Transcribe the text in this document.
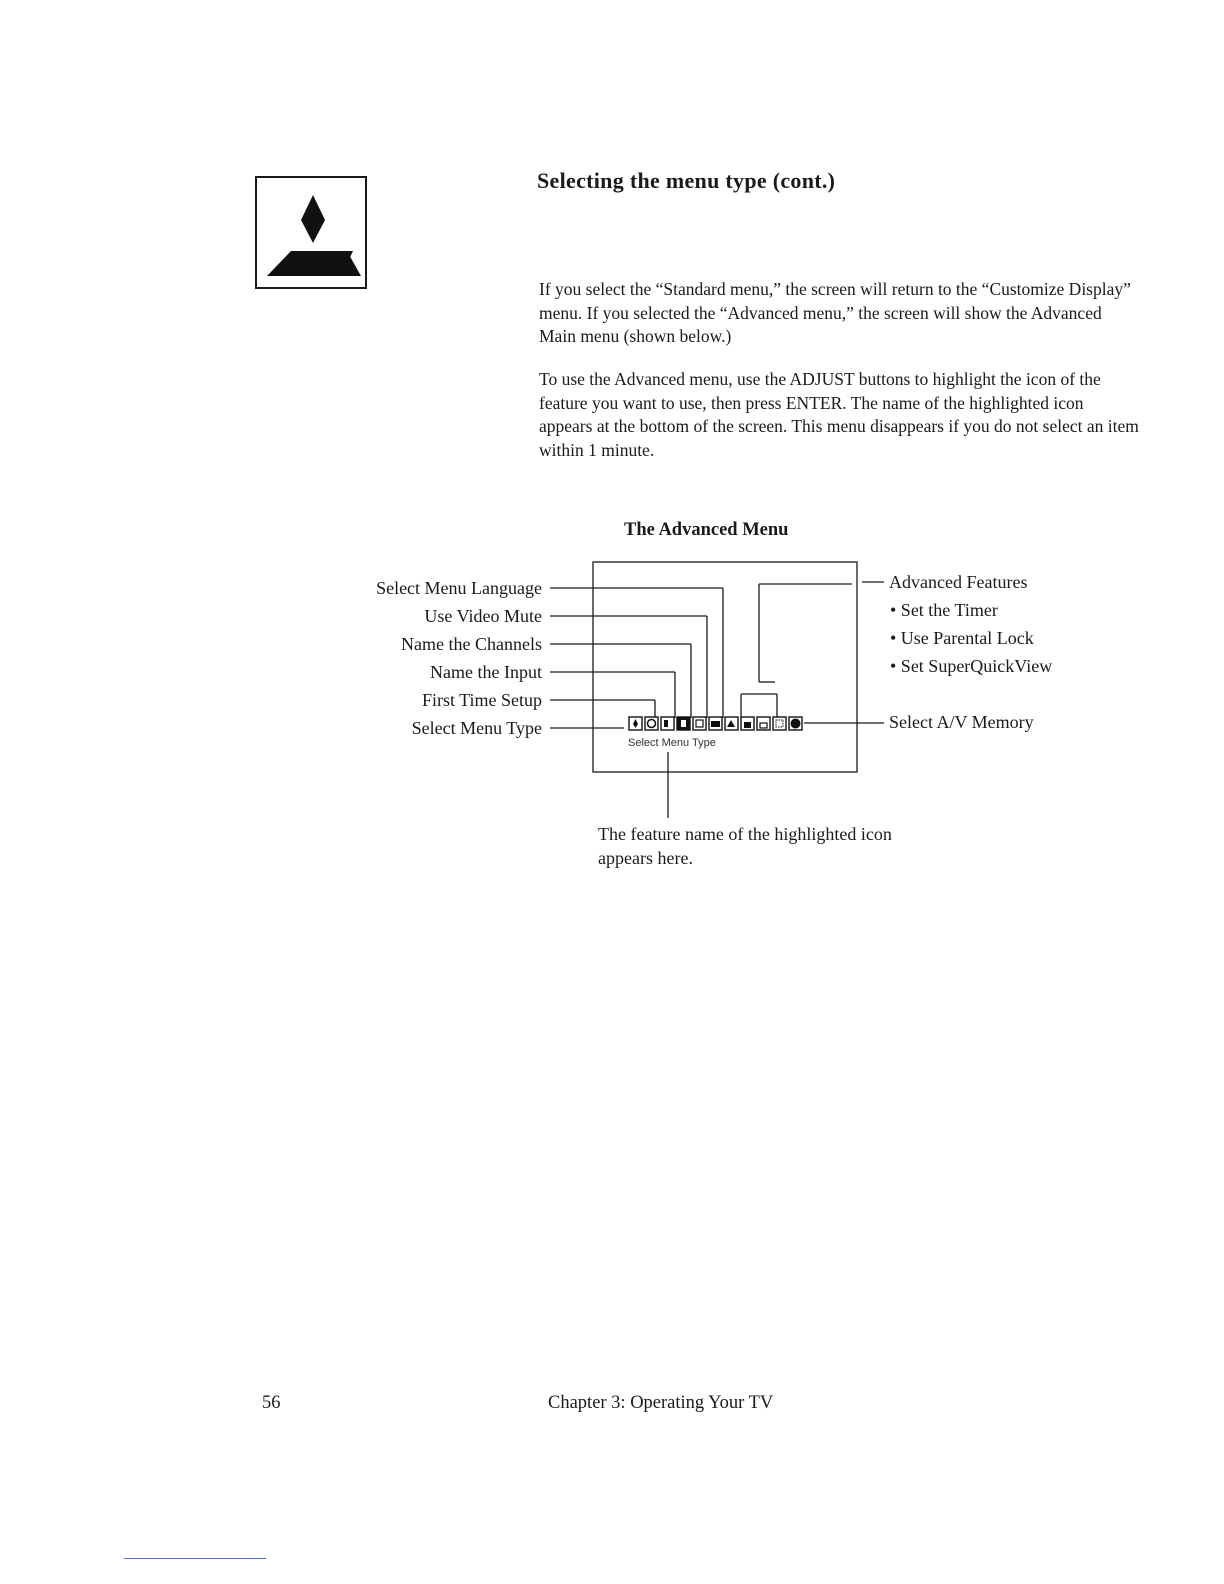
Selecting the menu type (cont.)

If you select the “Standard menu,” the screen will return to the “Customize Display” menu. If you selected the “Advanced menu,” the screen will show the Advanced Main menu (shown below.)

To use the Advanced menu, use the ADJUST buttons to highlight the icon of the feature you want to use, then press ENTER. The name of the highlighted icon appears at the bottom of the screen. This menu disappears if you do not select an item within 1 minute.

The Advanced Menu
Select Menu Language
Use Video Mute
Name the Channels
Name the Input
First Time Setup
Select Menu Type
Advanced Features
• Set the Timer
• Use Parental Lock
• Set SuperQuickView
Select A/V Memory
Select Menu Type

The feature name of the highlighted icon appears here.

56	Chapter 3: Operating Your TV
